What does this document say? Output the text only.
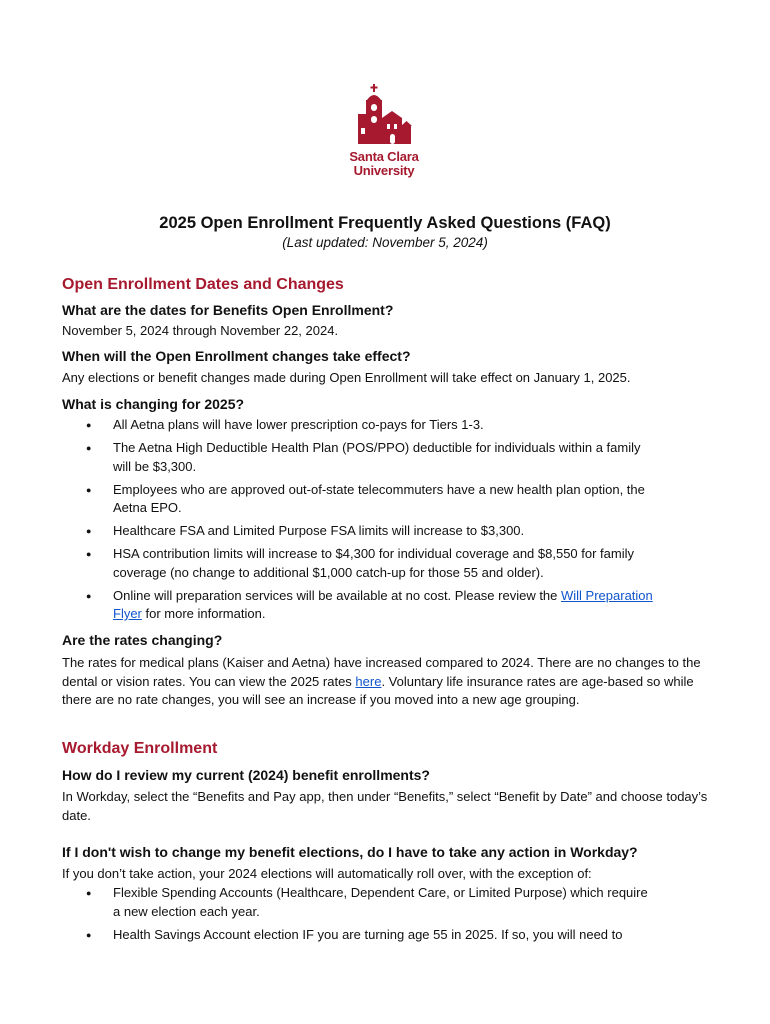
Santa Clara
University
2025 Open Enrollment Frequently Asked Questions (FAQ)
(Last updated: November 5, 2024)
Open Enrollment Dates and Changes
What are the dates for Benefits Open Enrollment?
November 5, 2024 through November 22, 2024.
When will the Open Enrollment changes take effect?
Any elections or benefit changes made during Open Enrollment will take effect on January 1, 2025.
What is changing for 2025?
● All Aetna plans will have lower prescription co-pays for Tiers 1-3.
● The Aetna High Deductible Health Plan (POS/PPO) deductible for individuals within a family will be $3,300.
● Employees who are approved out-of-state telecommuters have a new health plan option, the Aetna EPO.
● Healthcare FSA and Limited Purpose FSA limits will increase to $3,300.
● HSA contribution limits will increase to $4,300 for individual coverage and $8,550 for family coverage (no change to additional $1,000 catch-up for those 55 and older).
● Online will preparation services will be available at no cost. Please review the Will Preparation Flyer for more information.
Are the rates changing?
The rates for medical plans (Kaiser and Aetna) have increased compared to 2024. There are no changes to the dental or vision rates. You can view the 2025 rates here. Voluntary life insurance rates are age-based so while there are no rate changes, you will see an increase if you moved into a new age grouping.
Workday Enrollment
How do I review my current (2024) benefit enrollments?
In Workday, select the “Benefits and Pay app, then under “Benefits,” select “Benefit by Date” and choose today’s date.
If I don't wish to change my benefit elections, do I have to take any action in Workday?
If you don’t take action, your 2024 elections will automatically roll over, with the exception of:
● Flexible Spending Accounts (Healthcare, Dependent Care, or Limited Purpose) which require a new election each year.
● Health Savings Account election IF you are turning age 55 in 2025. If so, you will need to
